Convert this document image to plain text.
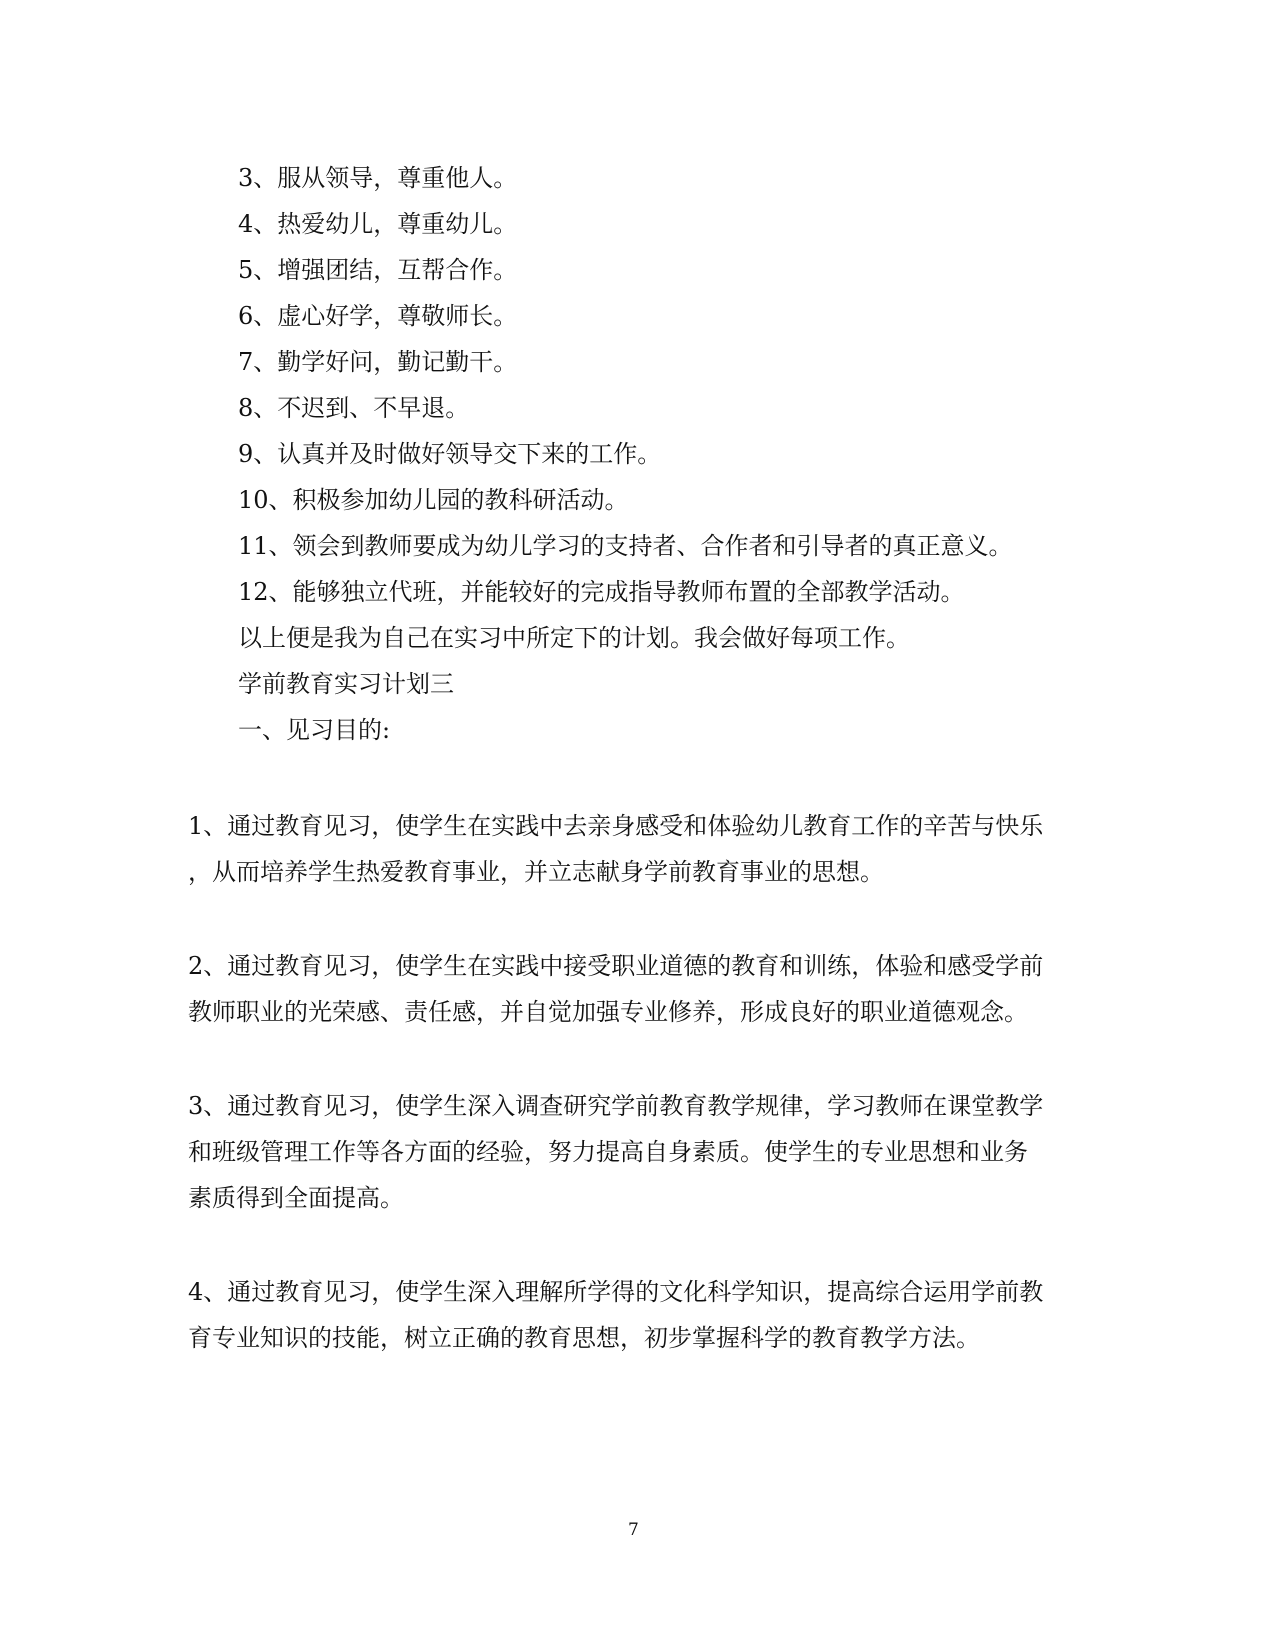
3、服从领导，尊重他人。
4、热爱幼儿，尊重幼儿。
5、增强团结，互帮合作。
6、虚心好学，尊敬师长。
7、勤学好问，勤记勤干。
8、不迟到、不早退。
9、认真并及时做好领导交下来的工作。
10、积极参加幼儿园的教科研活动。
11、领会到教师要成为幼儿学习的支持者、合作者和引导者的真正意义。
12、能够独立代班，并能较好的完成指导教师布置的全部教学活动。
以上便是我为自己在实习中所定下的计划。我会做好每项工作。
学前教育实习计划三
一、见习目的:
1、通过教育见习，使学生在实践中去亲身感受和体验幼儿教育工作的辛苦与快乐
，从而培养学生热爱教育事业，并立志献身学前教育事业的思想。
2、通过教育见习，使学生在实践中接受职业道德的教育和训练，体验和感受学前
教师职业的光荣感、责任感，并自觉加强专业修养，形成良好的职业道德观念。
3、通过教育见习，使学生深入调查研究学前教育教学规律，学习教师在课堂教学
和班级管理工作等各方面的经验，努力提高自身素质。使学生的专业思想和业务
素质得到全面提高。
4、通过教育见习，使学生深入理解所学得的文化科学知识，提高综合运用学前教
育专业知识的技能，树立正确的教育思想，初步掌握科学的教育教学方法。
7
